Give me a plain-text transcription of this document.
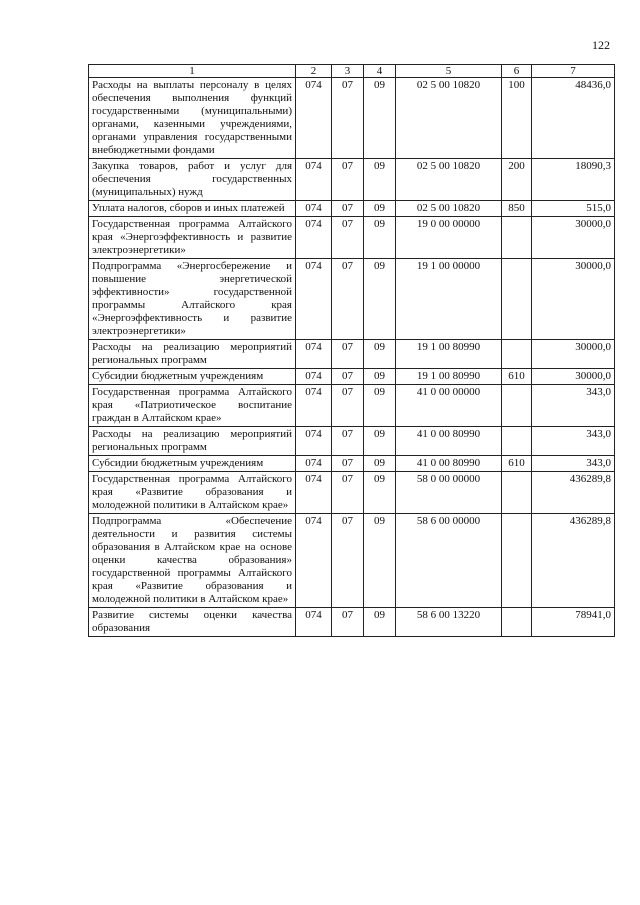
122
1	2	3	4	5	6	7
Расходы на выплаты персоналу в целях обеспечения выполнения функций государственными (муниципальными) органами, казенными учреждениями, органами управления государственными внебюджетными фондами	074	07	09	02 5 00 10820	100	48436,0
Закупка товаров, работ и услуг для обеспечения государственных (муниципальных) нужд	074	07	09	02 5 00 10820	200	18090,3
Уплата налогов, сборов и иных платежей	074	07	09	02 5 00 10820	850	515,0
Государственная программа Алтайского края «Энергоэффективность и развитие электроэнергетики»	074	07	09	19 0 00 00000		30000,0
Подпрограмма «Энергосбережение и повышение энергетической эффективности» государственной программы Алтайского края «Энергоэффективность и развитие электроэнергетики»	074	07	09	19 1 00 00000		30000,0
Расходы на реализацию мероприятий региональных программ	074	07	09	19 1 00 80990		30000,0
Субсидии бюджетным учреждениям	074	07	09	19 1 00 80990	610	30000,0
Государственная программа Алтайского края «Патриотическое воспитание граждан в Алтайском крае»	074	07	09	41 0 00 00000		343,0
Расходы на реализацию мероприятий региональных программ	074	07	09	41 0 00 80990		343,0
Субсидии бюджетным учреждениям	074	07	09	41 0 00 80990	610	343,0
Государственная программа Алтайского края «Развитие образования и молодежной политики в Алтайском крае»	074	07	09	58 0 00 00000		436289,8
Подпрограмма «Обеспечение деятельности и развития системы образования в Алтайском крае на основе оценки качества образования» государственной программы Алтайского края «Развитие образования и молодежной политики в Алтайском крае»	074	07	09	58 6 00 00000		436289,8
Развитие системы оценки качества образования	074	07	09	58 6 00 13220		78941,0
